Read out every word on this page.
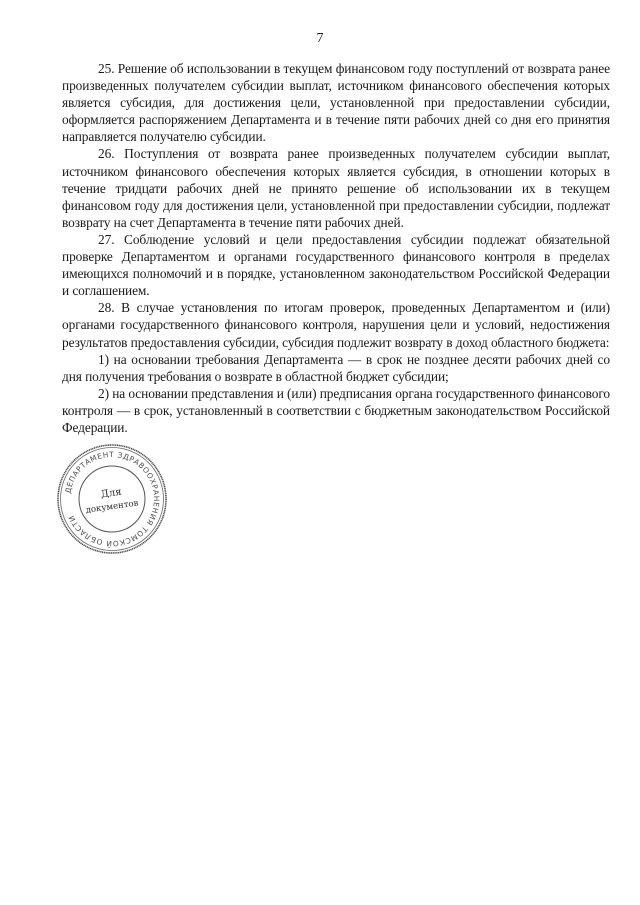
7

25. Решение об использовании в текущем финансовом году поступлений от возврата ранее произведенных получателем субсидии выплат, источником финансового обеспечения которых является субсидия, для достижения цели, установленной при предоставлении субсидии, оформляется распоряжением Департамента и в течение пяти рабочих дней со дня его принятия направляется получателю субсидии.

26. Поступления от возврата ранее произведенных получателем субсидии выплат, источником финансового обеспечения которых является субсидия, в отношении которых в течение тридцати рабочих дней не принято решение об использовании их в текущем финансовом году для достижения цели, установленной при предоставлении субсидии, подлежат возврату на счет Департамента в течение пяти рабочих дней.

27. Соблюдение условий и цели предоставления субсидии подлежат обязательной проверке Департаментом и органами государственного финансового контроля в пределах имеющихся полномочий и в порядке, установленном законодательством Российской Федерации и соглашением.

28. В случае установления по итогам проверок, проведенных Департаментом и (или) органами государственного финансового контроля, нарушения цели и условий, недостижения результатов предоставления субсидии, субсидия подлежит возврату в доход областного бюджета:

1) на основании требования Департамента — в срок не позднее десяти рабочих дней со дня получения требования о возврате в областной бюджет субсидии;

2) на основании представления и (или) предписания органа государственного финансового контроля — в срок, установленный в соответствии с бюджетным законодательством Российской Федерации.

ДЕПАРТАМЕНТ ЗДРАВООХРАНЕНИЯ ТОМСКОЙ ОБЛАСТИ
Для
документов
